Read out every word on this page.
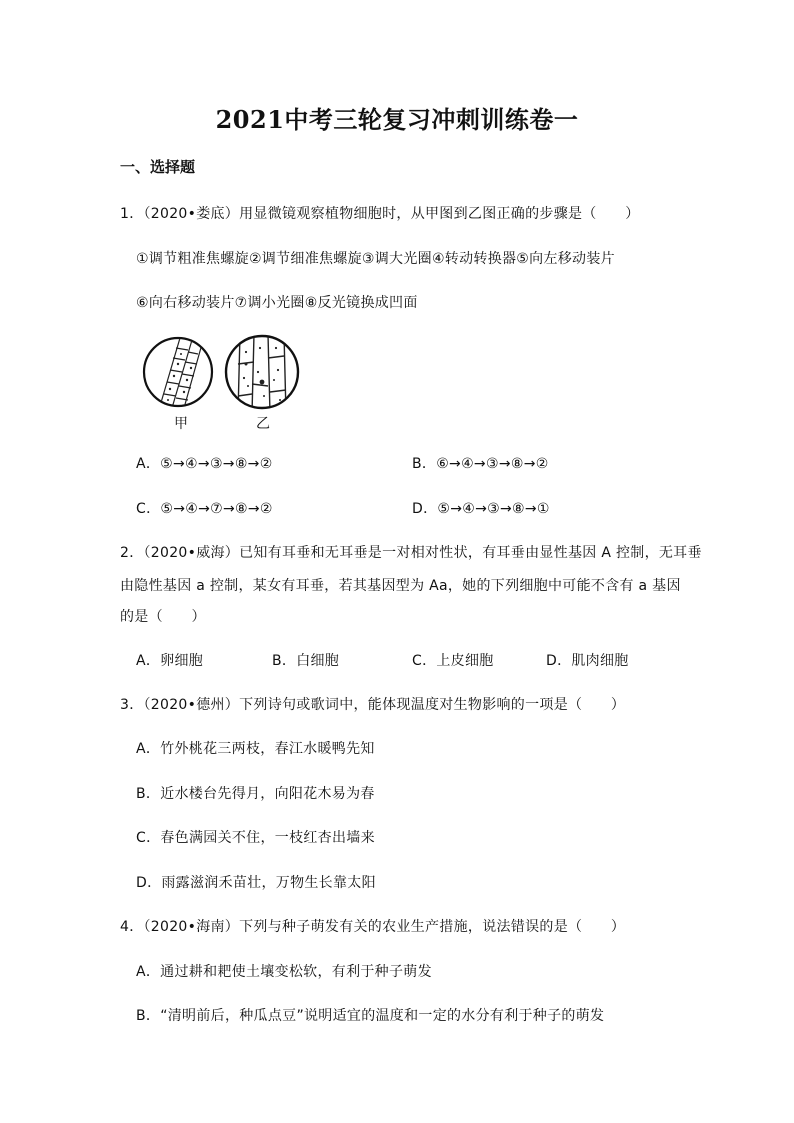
2021中考三轮复习冲刺训练卷一
一、选择题
1．（2020•娄底）用显微镜观察植物细胞时，从甲图到乙图正确的步骤是（　　）
①调节粗准焦螺旋②调节细准焦螺旋③调大光圈④转动转换器⑤向左移动装片
⑥向右移动装片⑦调小光圈⑧反光镜换成凹面
甲	乙
A．⑤→④→③→⑧→②	B．⑥→④→③→⑧→②
C．⑤→④→⑦→⑧→②	D．⑤→④→③→⑧→①
2．（2020•威海）已知有耳垂和无耳垂是一对相对性状，有耳垂由显性基因 A 控制，无耳垂
由隐性基因 a 控制，某女有耳垂，若其基因型为 Aa，她的下列细胞中可能不含有 a 基因
的是（　　）
A．卵细胞	B．白细胞	C．上皮细胞	D．肌肉细胞
3．（2020•德州）下列诗句或歌词中，能体现温度对生物影响的一项是（　　）
A．竹外桃花三两枝，春江水暖鸭先知
B．近水楼台先得月，向阳花木易为春
C．春色满园关不住，一枝红杏出墙来
D．雨露滋润禾苗壮，万物生长靠太阳
4．（2020•海南）下列与种子萌发有关的农业生产措施，说法错误的是（　　）
A．通过耕和耙使土壤变松软，有利于种子萌发
B．“清明前后，种瓜点豆”说明适宜的温度和一定的水分有利于种子的萌发
